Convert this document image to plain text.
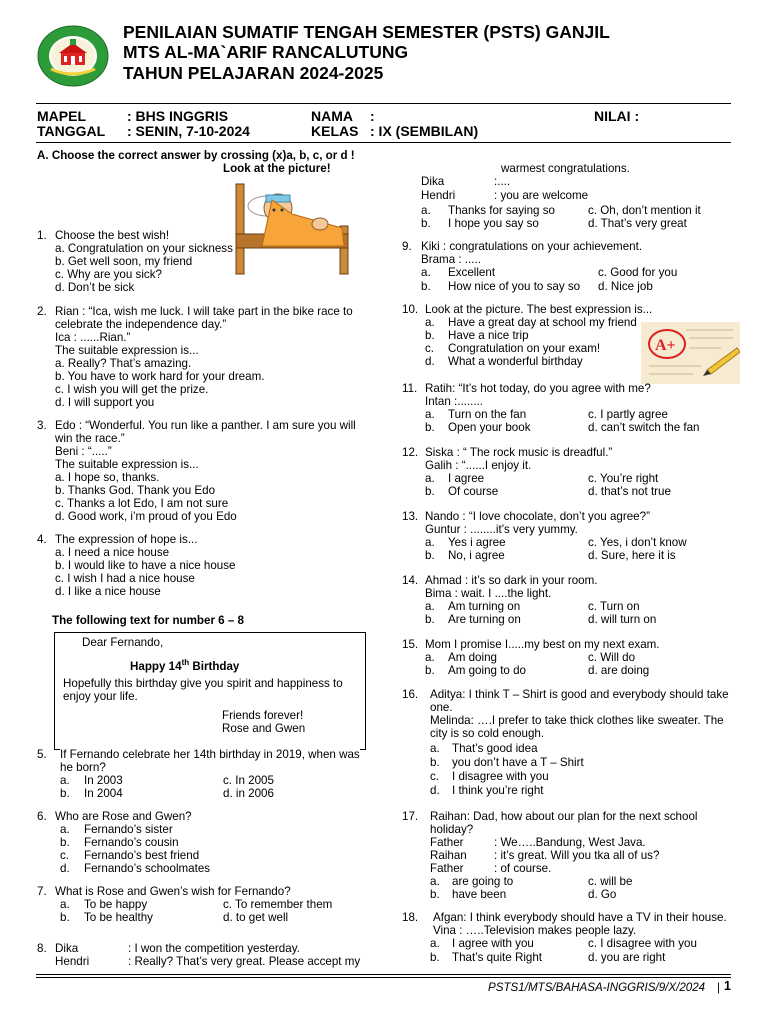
PENILAIAN SUMATIF TENGAH SEMESTER (PSTS) GANJIL
MTS AL-MA`ARIF RANCALUTUNG
TAHUN PELAJARAN 2024-2025
MAPEL	: BHS INGGRIS	NAMA :	NILAI :
TANGGAL : SENIN, 7-10-2024	KELAS : IX (SEMBILAN)
A. Choose the correct answer by crossing (x)a, b, c, or d !
Look at the picture!
1. Choose the best wish!
a. Congratulation on your sickness
b. Get well soon, my friend
c. Why are you sick?
d. Don’t be sick
2. Rian : “Ica, wish me luck. I will take part in the bike race to
celebrate the independence day.”
Ica : ......Rian.”
The suitable expression is...
a. Really? That’s amazing.
b. You have to work hard for your dream.
c. I wish you will get the prize.
d. I will support you
3. Edo : “Wonderful. You run like a panther. I am sure you will
win the race.”
Beni : “.....”
The suitable expression is...
a. I hope so, thanks.
b. Thanks God. Thank you Edo
c. Thanks a lot Edo, I am not sure
d. Good work, i’m proud of you Edo
4. The expression of hope is...
a. I need a nice house
b. I would like to have a nice house
c. I wish I had a nice house
d. I like a nice house
The following text for number 6 – 8
Dear Fernando,
Happy 14th Birthday
Hopefully this birthday give you spirit and happiness to
enjoy your life.
Friends forever!
Rose and Gwen
5. If Fernando celebrate her 14th birthday in 2019, when was
he born?
a. In 2003	c. In 2005
b. In 2004	d. in 2006
6. Who are Rose and Gwen?
a. Fernando’s sister
b. Fernando’s cousin
c. Fernando’s best friend
d. Fernando’s schoolmates
7. What is Rose and Gwen’s wish for Fernando?
a. To be happy	c. To remember them
b. To be healthy	d. to get well
8. Dika	: I won the competition yesterday.
Hendri	: Really? That’s very great. Please accept my
warmest congratulations.
Dika	:....
Hendri	: you are welcome
a. Thanks for saying so	c. Oh, don’t mention it
b. I hope you say so	d. That’s very great
9. Kiki : congratulations on your achievement.
Brama : .....
a. Excellent	c. Good for you
b. How nice of you to say so d. Nice job
10. Look at the picture. The best expression is...
a. Have a great day at school my friend
b. Have a nice trip
c. Congratulation on your exam!
d. What a wonderful birthday
A+
11. Ratih: “It’s hot today, do you agree with me?
Intan :........
a. Turn on the fan	c. I partly agree
b. Open your book	d. can’t switch the fan
12. Siska : “ The rock music is dreadful.”
Galih : “......I enjoy it.
a. I agree	c. You’re right
b. Of course	d. that’s not true
13. Nando : “I love chocolate, don’t you agree?”
Guntur : ........it’s very yummy.
a. Yes i agree	c. Yes, i don’t know
b. No, i agree	d. Sure, here it is
14. Ahmad : it’s so dark in your room.
Bima : wait. I ....the light.
a. Am turning on	c. Turn on
b. Are turning on	d. will turn on
15. Mom I promise I.....my best on my next exam.
a. Am doing	c. Will do
b. Am going to do	d. are doing
16. Aditya: I think T – Shirt is good and everybody should take
one.
Melinda: ….I prefer to take thick clothes like sweater. The
city is so cold enough.
a. That’s good idea
b. you don’t have a T – Shirt
c. I disagree with you
d. I think you’re right
17. Raihan: Dad, how about our plan for the next school
holiday?
Father	: We…..Bandung, West Java.
Raihan : it’s great. Will you tka all of us?
Father	: of course.
a. are going to	c. will be
b. have been	d. Go
18. Afgan: I think everybody should have a TV in their house.
Vina : …..Television makes people lazy.
a. I agree with you	c. I disagree with you
b. That’s quite Right	d. you are right
PSTS1/MTS/BAHASA-INGGRIS/9/X/2024 | 1
